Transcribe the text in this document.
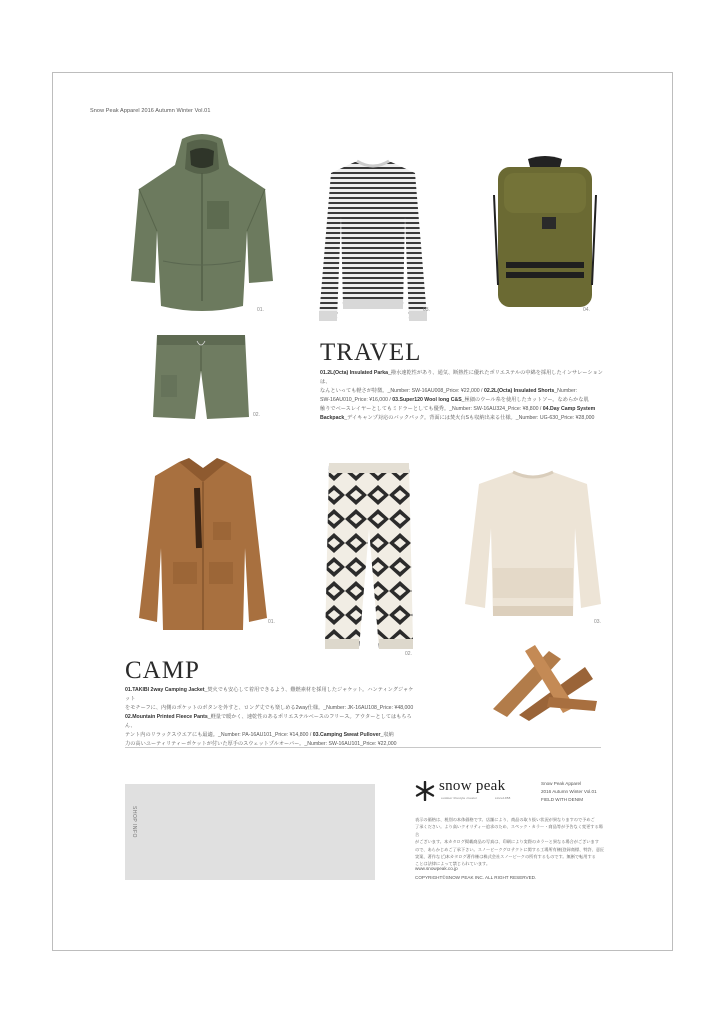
Snow Peak Apparel 2016 Autumn Winter Vol.01
01.
02.
03.	04.
TRAVEL
01.2L(Octa) Insulated Parka_撥水速乾性があり、通気、断熱性に優れたポリエステルの中綿を採用したインサレーションは、
なんといっても軽さが特徴。_Number: SW-16AU008_Price: ¥22,000 / 02.2L(Octa) Insulated Shorts_Number:
SW-16AU010_Price: ¥16,000 / 03.Super120 Wool long C&S_極細のウール糸を使用したカットソー。なめらかな肌
触りでベースレイヤーとしてもミドラーとしても優秀。_Number: SW-16AU324_Price: ¥8,800 / 04.Day Camp System
Backpack_デイキャンプ対応のバックパック。背面には焚火台Sも収納出来る仕様。_Number: UG-630_Price: ¥28,000
01.
02.
03.
CAMP
01.TAKIBI 2way Camping Jacket_焚火でも安心して着用できるよう、難燃素材を採用したジャケット。ハンティングジャケット
をモチーフに、内側のポケットのボタンを外すと、ロング丈でも楽しめる2way仕様。_Number: JK-16AU108_Price: ¥48,000
02.Mountain Printed Fleece Pants_軽量で暖かく、速乾性のあるポリエステルベースのフリース。アウターとしてはもちろん、
テント内のリラックスウエアにも最適。_Number: PA-16AU101_Price: ¥14,800 / 03.Camping Sweat Pullover_収納
力の高いユーティリティーポケットが付いた厚手のスウェットプルオーバー。_Number: SW-16AU101_Price: ¥22,000
SHOP INFO
snow peak
outdoor lifestyle creator	since1958
Snow Peak Apparel
2016 Autumn Winter Vol.01
FIELD WITH DENIM
表示の価格は、税別の本体価格です。店舗により、商品の取り扱い状況が異なりますので予めご
了承ください。より高いクオリティー追求のため、スペック・カラー・商品等が予告なく変更する場合
がございます。本カタログ掲載商品の写真は、印刷により実際のカラーと異なる場合がございます
ので、あらかじめご了承下さい。スノーピークグロテクトに関する工場所有権(登録商標、特許、意匠
実案、著作など)本カタログ著作権は株式会社スノーピークの所有するものです。無断で転用する
ことは法律によって禁じられています。
www.snowpeak.co.jp
COPYRIGHT©SNOW PEAK INC. ALL RIGHT RESERVED.
